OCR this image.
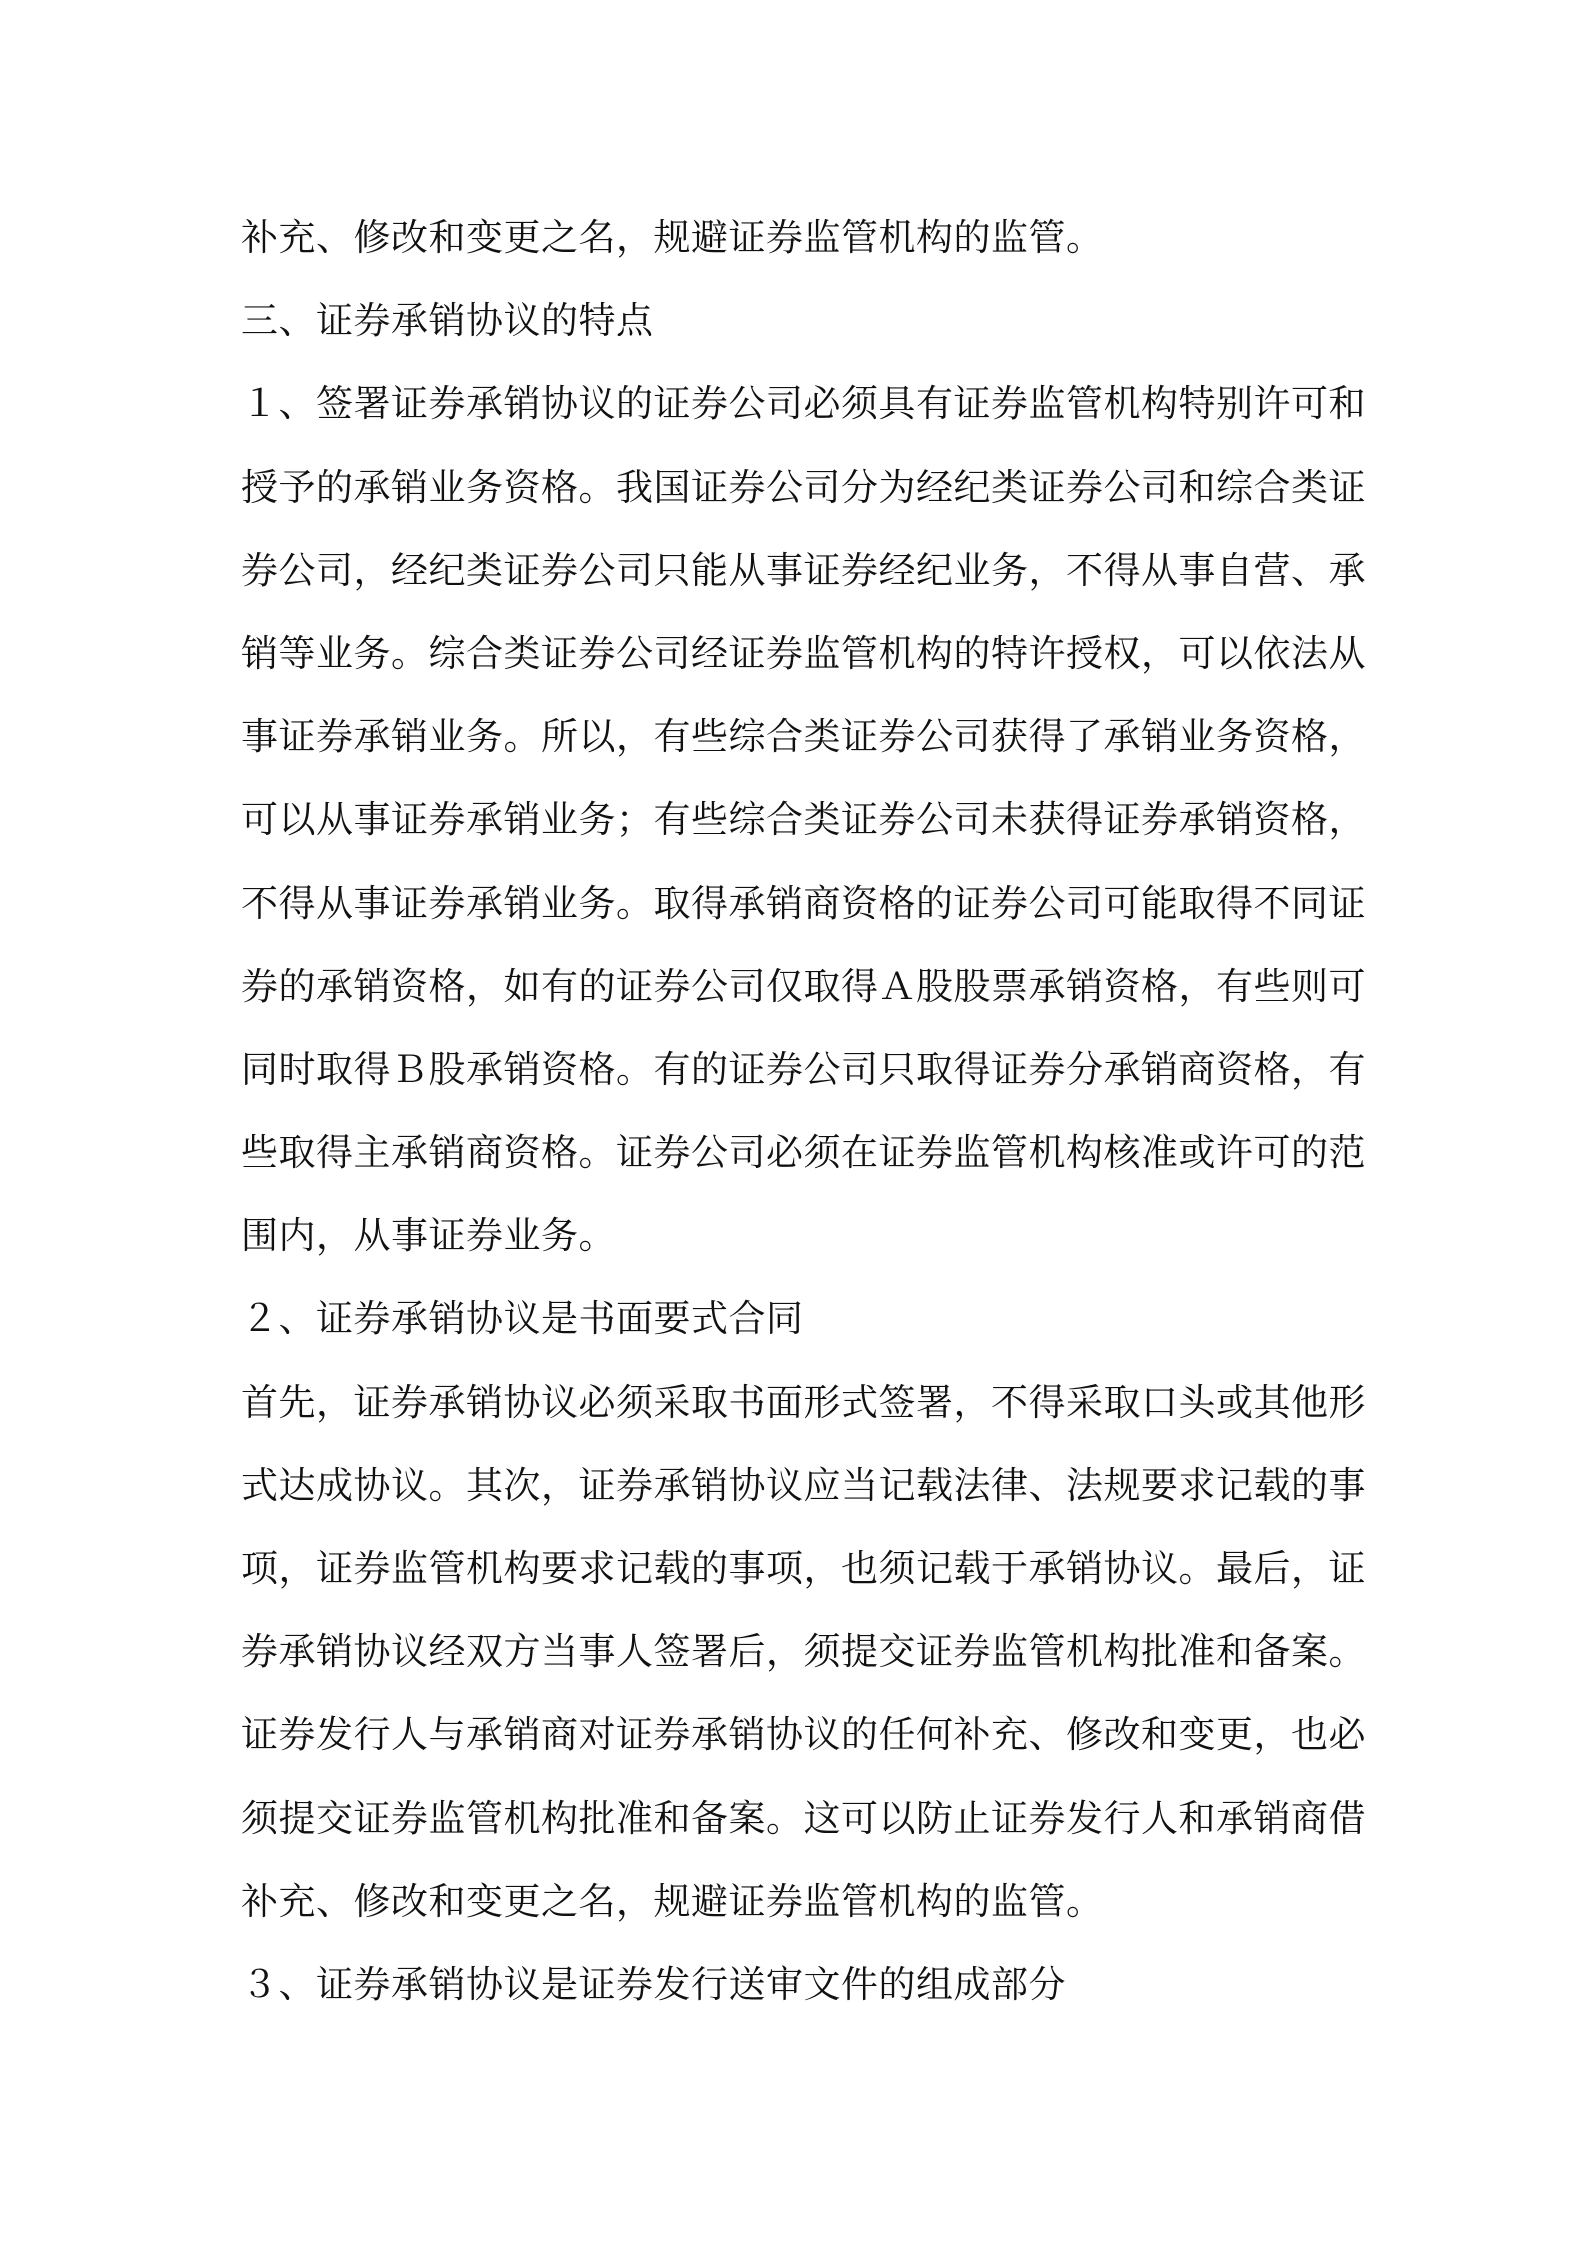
补充、修改和变更之名，规避证券监管机构的监管。
三、证券承销协议的特点
１、签署证券承销协议的证券公司必须具有证券监管机构特别许可和
授予的承销业务资格。我国证券公司分为经纪类证券公司和综合类证
券公司，经纪类证券公司只能从事证券经纪业务，不得从事自营、承
销等业务。综合类证券公司经证券监管机构的特许授权，可以依法从
事证券承销业务。所以，有些综合类证券公司获得了承销业务资格，
可以从事证券承销业务；有些综合类证券公司未获得证券承销资格，
不得从事证券承销业务。取得承销商资格的证券公司可能取得不同证
券的承销资格，如有的证券公司仅取得Ａ股股票承销资格，有些则可
同时取得Ｂ股承销资格。有的证券公司只取得证券分承销商资格，有
些取得主承销商资格。证券公司必须在证券监管机构核准或许可的范
围内，从事证券业务。
２、证券承销协议是书面要式合同
首先，证券承销协议必须采取书面形式签署，不得采取口头或其他形
式达成协议。其次，证券承销协议应当记载法律、法规要求记载的事
项，证券监管机构要求记载的事项，也须记载于承销协议。最后，证
券承销协议经双方当事人签署后，须提交证券监管机构批准和备案。
证券发行人与承销商对证券承销协议的任何补充、修改和变更，也必
须提交证券监管机构批准和备案。这可以防止证券发行人和承销商借
补充、修改和变更之名，规避证券监管机构的监管。
３、证券承销协议是证券发行送审文件的组成部分
